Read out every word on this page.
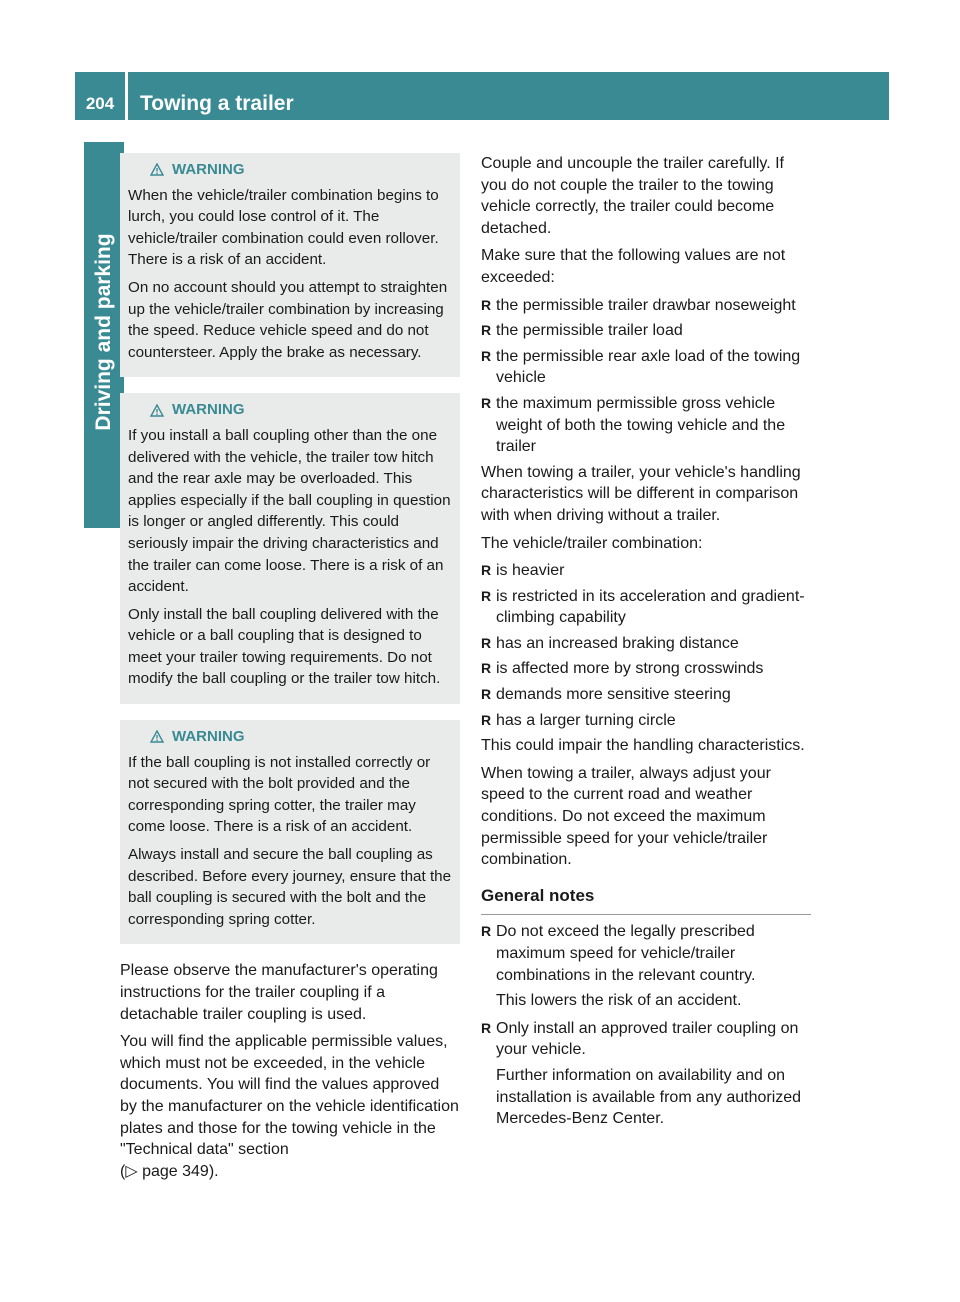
204	Towing a trailer
Driving and parking
WARNING

When the vehicle/trailer combination begins to lurch, you could lose control of it. The vehicle/trailer combination could even rollover. There is a risk of an accident.

On no account should you attempt to straighten up the vehicle/trailer combination by increasing the speed. Reduce vehicle speed and do not countersteer. Apply the brake as necessary.

WARNING

If you install a ball coupling other than the one delivered with the vehicle, the trailer tow hitch and the rear axle may be overloaded. This applies especially if the ball coupling in question is longer or angled differently. This could seriously impair the driving characteristics and the trailer can come loose. There is a risk of an accident.

Only install the ball coupling delivered with the vehicle or a ball coupling that is designed to meet your trailer towing requirements. Do not modify the ball coupling or the trailer tow hitch.

WARNING

If the ball coupling is not installed correctly or not secured with the bolt provided and the corresponding spring cotter, the trailer may come loose. There is a risk of an accident.

Always install and secure the ball coupling as described. Before every journey, ensure that the ball coupling is secured with the bolt and the corresponding spring cotter.

Please observe the manufacturer's operating instructions for the trailer coupling if a detachable trailer coupling is used.

You will find the applicable permissible values, which must not be exceeded, in the vehicle documents. You will find the values approved by the manufacturer on the vehicle identification plates and those for the towing vehicle in the "Technical data" section

(▷ page 349).

Couple and uncouple the trailer carefully. If you do not couple the trailer to the towing vehicle correctly, the trailer could become detached.

Make sure that the following values are not exceeded:

R the permissible trailer drawbar noseweight
R the permissible trailer load
R the permissible rear axle load of the towing vehicle
R the maximum permissible gross vehicle weight of both the towing vehicle and the trailer

When towing a trailer, your vehicle's handling characteristics will be different in comparison with when driving without a trailer.

The vehicle/trailer combination:

R is heavier
R is restricted in its acceleration and gradient-climbing capability
R has an increased braking distance
R is affected more by strong crosswinds
R demands more sensitive steering
R has a larger turning circle

This could impair the handling characteristics.

When towing a trailer, always adjust your speed to the current road and weather conditions. Do not exceed the maximum permissible speed for your vehicle/trailer combination.

General notes
R Do not exceed the legally prescribed maximum speed for vehicle/trailer combinations in the relevant country.

This lowers the risk of an accident.

R Only install an approved trailer coupling on your vehicle.

Further information on availability and on installation is available from any authorized Mercedes-Benz Center.
